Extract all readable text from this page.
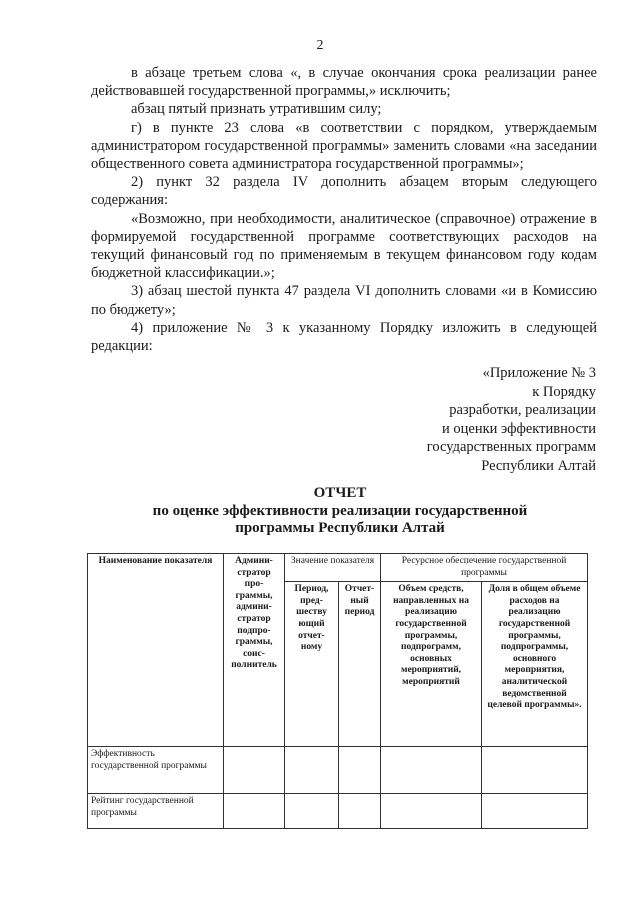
2

в абзаце третьем слова «, в случае окончания срока реализации ранее действовавшей государственной программы,» исключить;

абзац пятый признать утратившим силу;

г) в пункте 23 слова «в соответствии с порядком, утверждаемым администратором государственной программы» заменить словами «на заседании общественного совета администратора государственной программы»;

2) пункт 32 раздела IV дополнить абзацем вторым следующего содержания:

«Возможно, при необходимости, аналитическое (справочное) отражение в формируемой государственной программе соответствующих расходов на текущий финансовый год по применяемым в текущем финансовом году кодам бюджетной классификации.»;

3) абзац шестой пункта 47 раздела VI дополнить словами «и в Комиссию по бюджету»;

4) приложение № 3 к указанному Порядку изложить в следующей редакции:

«Приложение № 3
к Порядку
разработки, реализации
и оценки эффективности
государственных программ
Республики Алтай
ОТЧЕТ
по оценке эффективности реализации государственной
программы Республики Алтай
Наименование показателя	Админи-стратор про-граммы, админи-стратор подпро-граммы, соис-полнитель	Значение показателя		Ресурсное обеспечение государственной программы	
		Период, пред-шеству ющий отчет-ному	Отчет-ный период	Объем средств, направленных на реализацию государственной программы, подпрограмм, основных мероприятий, мероприятий	Доля в общем объеме расходов на реализацию государственной программы, подпрограммы, основного мероприятия, аналитической ведомственной целевой программы».
Эффективность государственной программы					
Рейтинг государственной программы					
